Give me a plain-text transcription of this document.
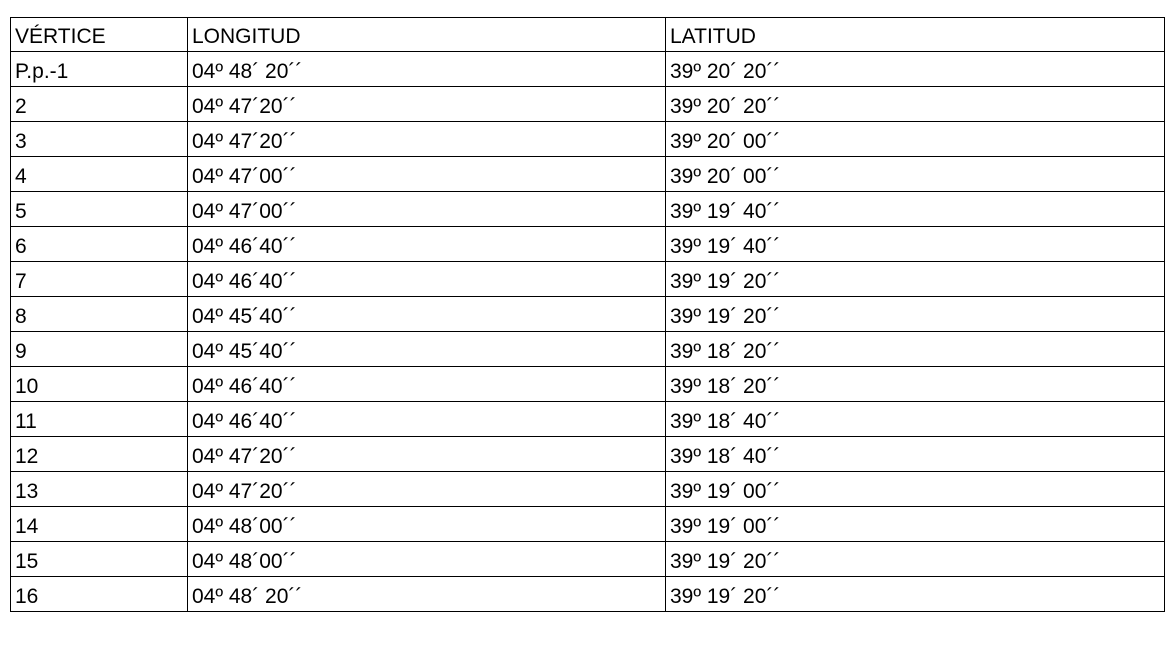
VÉRTICE	LONGITUD	LATITUD
P.p.-1	04º 48´ 20´´	39º 20´ 20´´
2	04º 47´20´´	39º 20´ 20´´
3	04º 47´20´´	39º 20´ 00´´
4	04º 47´00´´	39º 20´ 00´´
5	04º 47´00´´	39º 19´ 40´´
6	04º 46´40´´	39º 19´ 40´´
7	04º 46´40´´	39º 19´ 20´´
8	04º 45´40´´	39º 19´ 20´´
9	04º 45´40´´	39º 18´ 20´´
10	04º 46´40´´	39º 18´ 20´´
11	04º 46´40´´	39º 18´ 40´´
12	04º 47´20´´	39º 18´ 40´´
13	04º 47´20´´	39º 19´ 00´´
14	04º 48´00´´	39º 19´ 00´´
15	04º 48´00´´	39º 19´ 20´´
16	04º 48´ 20´´	39º 19´ 20´´
